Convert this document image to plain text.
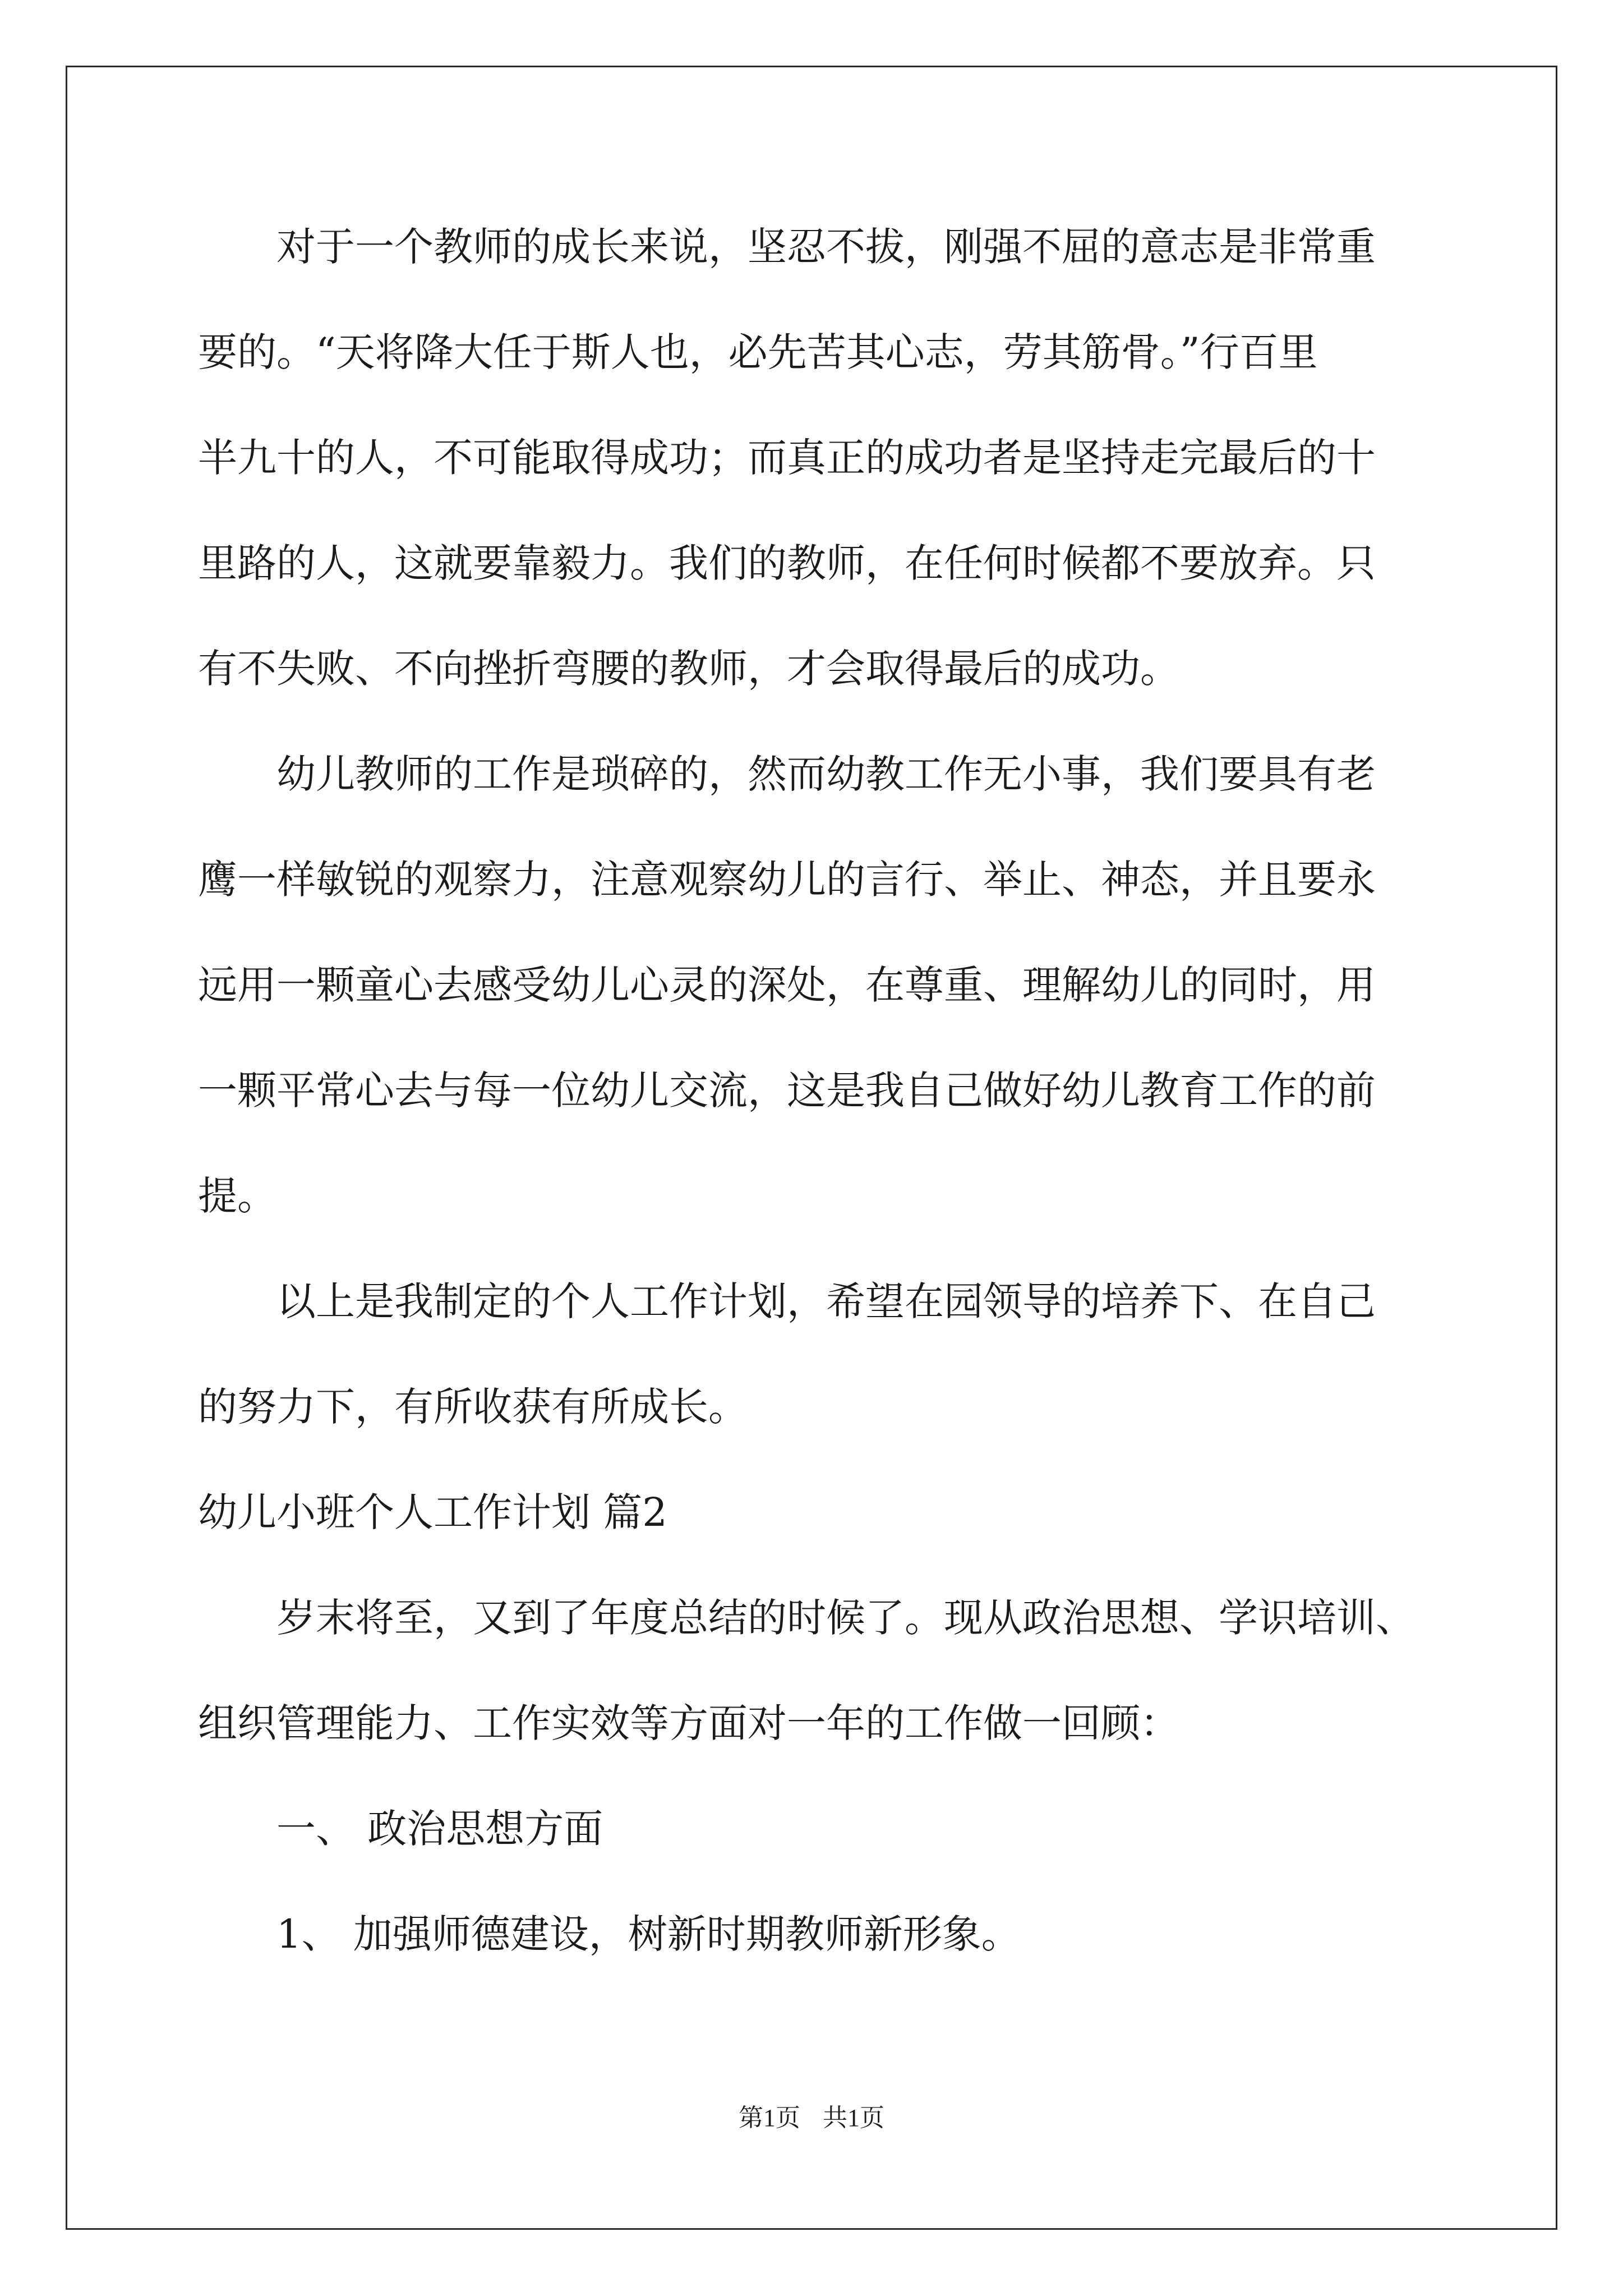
　　对于一个教师的成长来说，坚忍不拔，刚强不屈的意志是非常重
要的。“天将降大任于斯人也，必先苦其心志，劳其筋骨。”行百里
半九十的人，不可能取得成功；而真正的成功者是坚持走完最后的十
里路的人，这就要靠毅力。我们的教师，在任何时候都不要放弃。只
有不失败、不向挫折弯腰的教师，才会取得最后的成功。
　　幼儿教师的工作是琐碎的，然而幼教工作无小事，我们要具有老
鹰一样敏锐的观察力，注意观察幼儿的言行、举止、神态，并且要永
远用一颗童心去感受幼儿心灵的深处，在尊重、理解幼儿的同时，用
一颗平常心去与每一位幼儿交流，这是我自己做好幼儿教育工作的前
提。
　　以上是我制定的个人工作计划，希望在园领导的培养下、在自己
的努力下，有所收获有所成长。
幼儿小班个人工作计划 篇2
　　岁末将至，又到了年度总结的时候了。现从政治思想、学识培训、
组织管理能力、工作实效等方面对一年的工作做一回顾：
　　一、 政治思想方面
　　1、 加强师德建设，树新时期教师新形象。
第1页 共1页
